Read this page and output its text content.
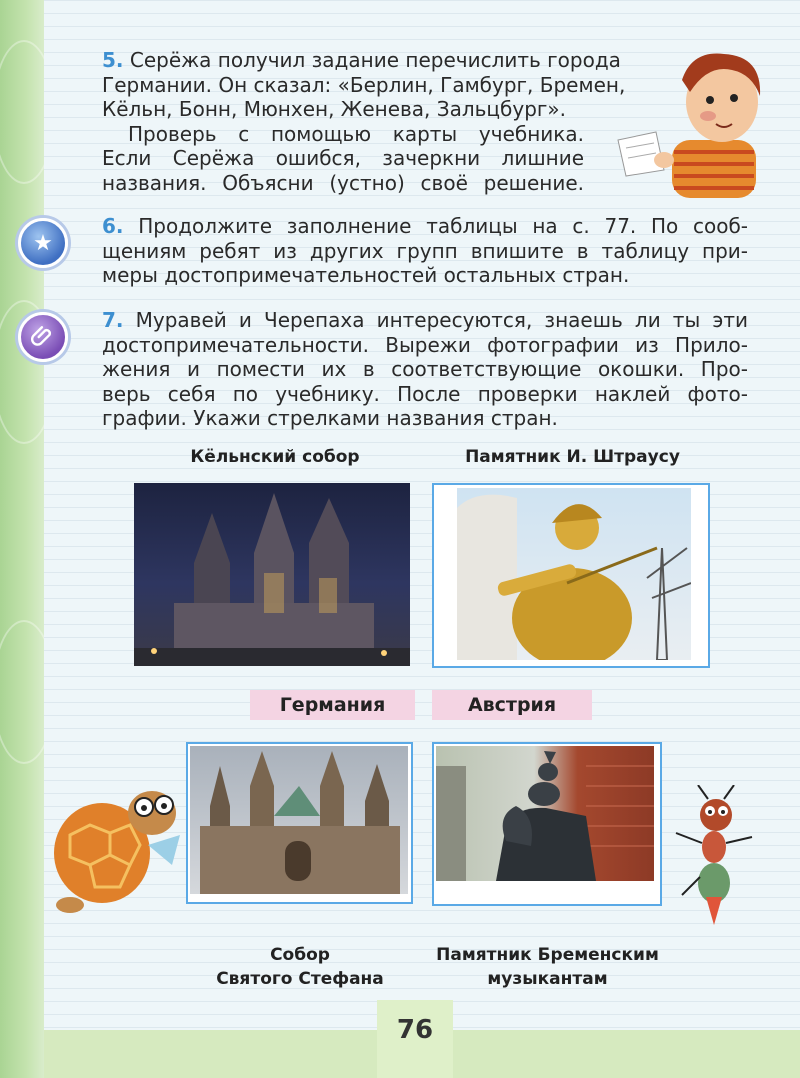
★
5. Серёжа получил задание перечислить города
Германии. Он сказал: «Берлин, Гамбург, Бремен,
Кёльн, Бонн, Мюнхен, Женева, Зальцбург».
Проверь с помощью карты учебника.
Если Серёжа ошибся, зачеркни лишние
названия. Объясни (устно) своё решение.
6. Продолжите заполнение таблицы на с. 77. По сооб-
щениям ребят из других групп впишите в таблицу при-
меры достопримечательностей остальных стран.
7. Муравей и Черепаха интересуются, знаешь ли ты эти
достопримечательности. Вырежи фотографии из Прило-
жения и помести их в соответствующие окошки. Про-
верь себя по учебнику. После проверки наклей фото-
графии. Укажи стрелками названия стран.
Кёльнский собор	Памятник И. Штраусу
Германия	Австрия
Собор
Святого Стефана
Памятник Бременским
музыкантам
76
